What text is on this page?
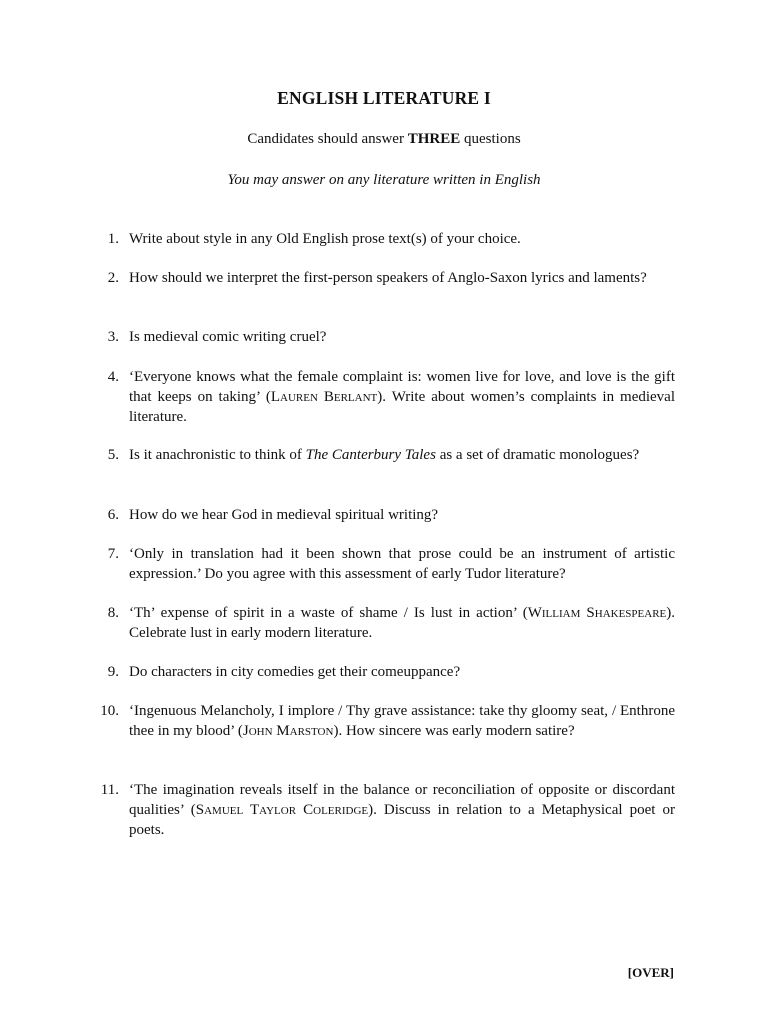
ENGLISH LITERATURE I

Candidates should answer THREE questions

You may answer on any literature written in English

1. Write about style in any Old English prose text(s) of your choice.
2. How should we interpret the first-person speakers of Anglo-Saxon lyrics and laments?
3. Is medieval comic writing cruel?
4. ‘Everyone knows what the female complaint is: women live for love, and love is the gift that keeps on taking’ (Lauren Berlant). Write about women’s complaints in medieval literature.
5. Is it anachronistic to think of The Canterbury Tales as a set of dramatic monologues?
6. How do we hear God in medieval spiritual writing?
7. ‘Only in translation had it been shown that prose could be an instrument of artistic expression.’ Do you agree with this assessment of early Tudor literature?
8. ‘Th’ expense of spirit in a waste of shame / Is lust in action’ (William Shakespeare). Celebrate lust in early modern literature.
9. Do characters in city comedies get their comeuppance?
10. ‘Ingenuous Melancholy, I implore / Thy grave assistance: take thy gloomy seat, / Enthrone thee in my blood’ (John Marston). How sincere was early modern satire?
11. ‘The imagination reveals itself in the balance or reconciliation of opposite or discordant qualities’ (Samuel Taylor Coleridge). Discuss in relation to a Metaphysical poet or poets.

[OVER]
